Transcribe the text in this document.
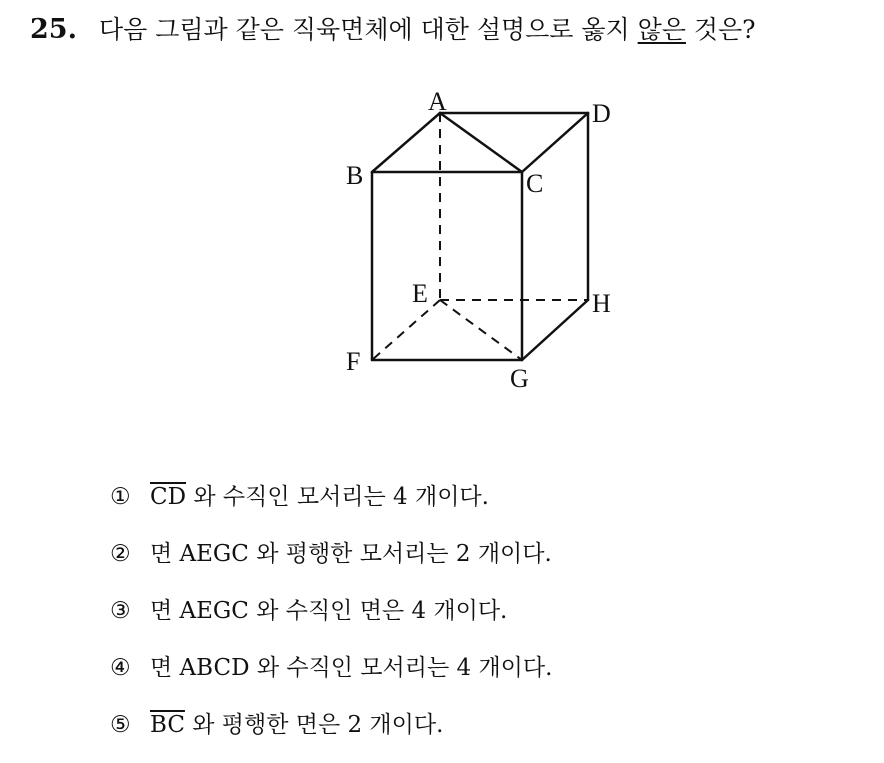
25. 다음 그림과 같은 직육면체에 대한 설명으로 옳지 않은 것은?
A	D
B	C
E	H
F
G
① $\overline{CD}$ 와 수직인 모서리는 4 개이다.
② 면 AEGC 와 평행한 모서리는 2 개이다.
③ 면 AEGC 와 수직인 면은 4 개이다.
④ 면 ABCD 와 수직인 모서리는 4 개이다.
⑤ $\overline{BC}$ 와 평행한 면은 2 개이다.
